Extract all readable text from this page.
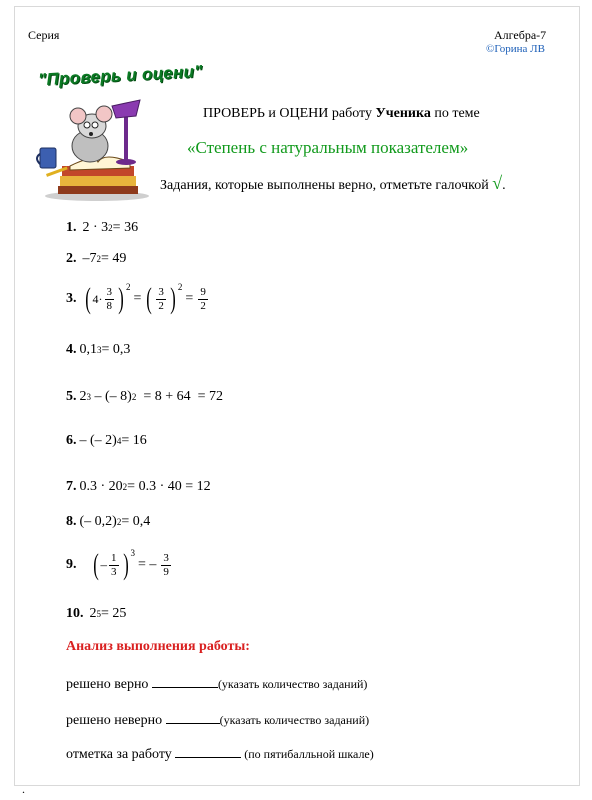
Серия	Алгебра-7
©Горина ЛВ
"Проверь и оцени"
ПРОВЕРЬ и ОЦЕНИ работу Ученика по теме
«Степень с натуральным показателем»
Задания, которые выполнены верно, отметьте галочкой √.
1. 2 · 3 2 = 36
2. –7 2 = 49
3. ( $4\cdot \frac{3}{8}$ ) 2
= ( $\frac{3}{2}$ ) 2
= $\frac{9}{2}$
4. 0,1 3 = 0,3
5. 2 3 – (– 8) 2 = 8 + 64  = 72
6. – (– 2) 4 = 16
7. 0.3 · 20 2 = 0.3 · 40 = 12
8. (– 0,2) 2 = 0,4
9. ( – $\frac{1}{3}$ ) 3
= – $\frac{3}{9}$
10. 2 5 = 25
Анализ выполнения работы:
решено верно	(указать количество заданий)
решено неверно	(указать количество заданий)
отметка за работу	(по пятибалльной шкале)
.
